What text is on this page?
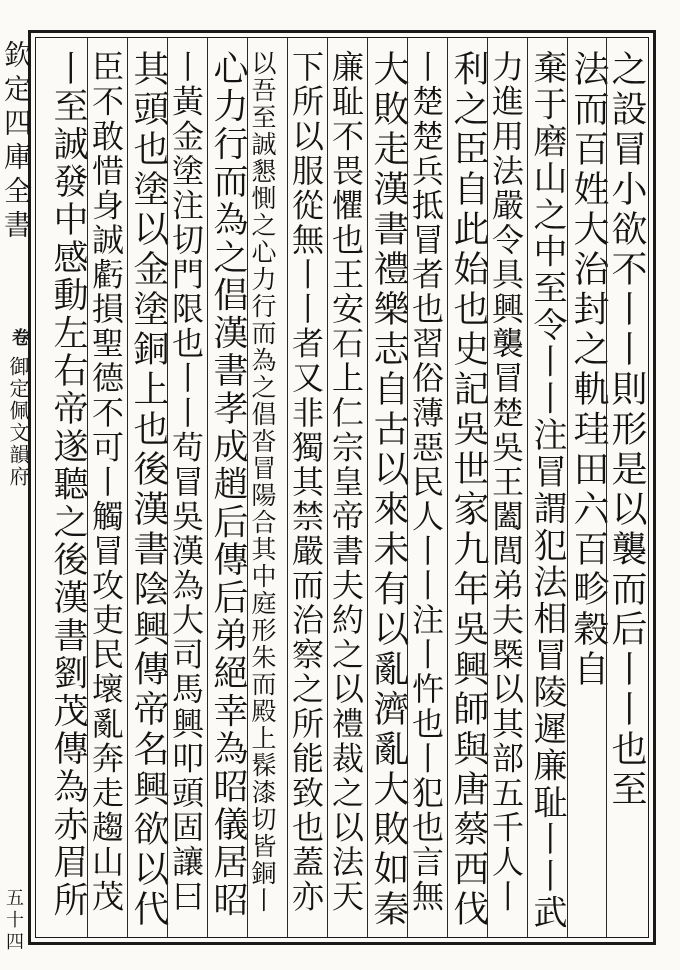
欽定四庫全書
卷
御定佩文韻府
五十四
之設冒小欲不丨丨則形是以襲而后丨丨也至
法而百姓大治封之軌珪田六百畛穀自
棄于磨山之中至令丨丨注冒謂犯法相冒陵遲廉耻丨丨武
力進用法嚴令具興襲冒楚吳王闔閭弟夫槩以其部五千人丨
利之臣自此始也史記吳世家九年吳興師與唐蔡西伐
丨楚楚兵抵冒者也習俗薄惡民人丨丨注丨忤也丨犯也言無
大敗走漢書禮樂志自古以來未有以亂濟亂大敗如秦
廉耻不畏懼也王安石上仁宗皇帝書夫約之以禮裁之以法天
下所以服從無丨丨者又非獨其禁嚴而治察之所能致也蓋亦
以吾至誠懇惻之心力行而為之倡沓冒陽合其中庭形朱而殿上髹漆切皆銅丨
心力行而為之倡漢書孝成趙后傳后弟絕幸為昭儀居昭
丨黃金塗注切門限也丨丨苟冒吳漢為大司馬興叩頭固讓曰
其頭也塗以金塗銅上也後漢書陰興傳帝名興欲以代
臣不敢惜身誠虧損聖德不可丨觸冒攻吏民壞亂奔走趨山茂
丨至誠發中感動左右帝遂聽之後漢書劉茂傳為赤眉所
